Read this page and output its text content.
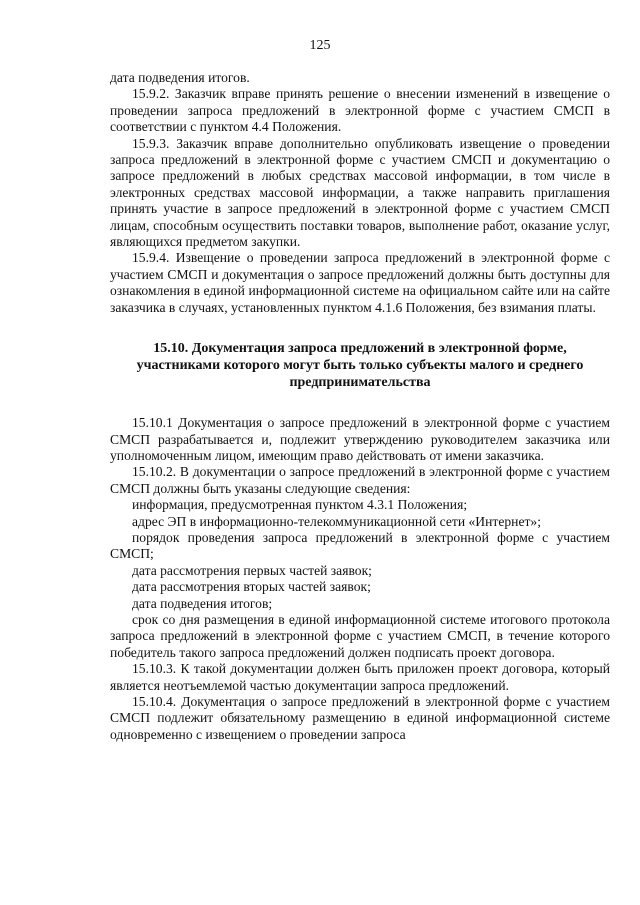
125

дата подведения итогов.

15.9.2. Заказчик вправе принять решение о внесении изменений в извещение о проведении запроса предложений в электронной форме с участием СМСП в соответствии с пунктом 4.4 Положения.

15.9.3. Заказчик вправе дополнительно опубликовать извещение о проведении запроса предложений в электронной форме с участием СМСП и документацию о запросе предложений в любых средствах массовой информации, в том числе в электронных средствах массовой информации, а также направить приглашения принять участие в запросе предложений в электронной форме с участием СМСП лицам, способным осуществить поставки товаров, выполнение работ, оказание услуг, являющихся предметом закупки.

15.9.4. Извещение о проведении запроса предложений в электронной форме с участием СМСП и документация о запросе предложений должны быть доступны для ознакомления в единой информационной системе на официальном сайте или на сайте заказчика в случаях, установленных пунктом 4.1.6 Положения, без взимания платы.

15.10. Документация запроса предложений в электронной форме, участниками которого могут быть только субъекты малого и среднего предпринимательства

15.10.1 Документация о запросе предложений в электронной форме с участием СМСП разрабатывается и, подлежит утверждению руководителем заказчика или уполномоченным лицом, имеющим право действовать от имени заказчика.

15.10.2. В документации о запросе предложений в электронной форме с участием СМСП должны быть указаны следующие сведения:

информация, предусмотренная пунктом 4.3.1 Положения;

адрес ЭП в информационно-телекоммуникационной сети «Интернет»;

порядок проведения запроса предложений в электронной форме с участием СМСП;

дата рассмотрения первых частей заявок;

дата рассмотрения вторых частей заявок;

дата подведения итогов;

срок со дня размещения в единой информационной системе итогового протокола запроса предложений в электронной форме с участием СМСП, в течение которого победитель такого запроса предложений должен подписать проект договора.

15.10.3. К такой документации должен быть приложен проект договора, который является неотъемлемой частью документации запроса предложений.

15.10.4. Документация о запросе предложений в электронной форме с участием СМСП подлежит обязательному размещению в единой информационной системе одновременно с извещением о проведении запроса
